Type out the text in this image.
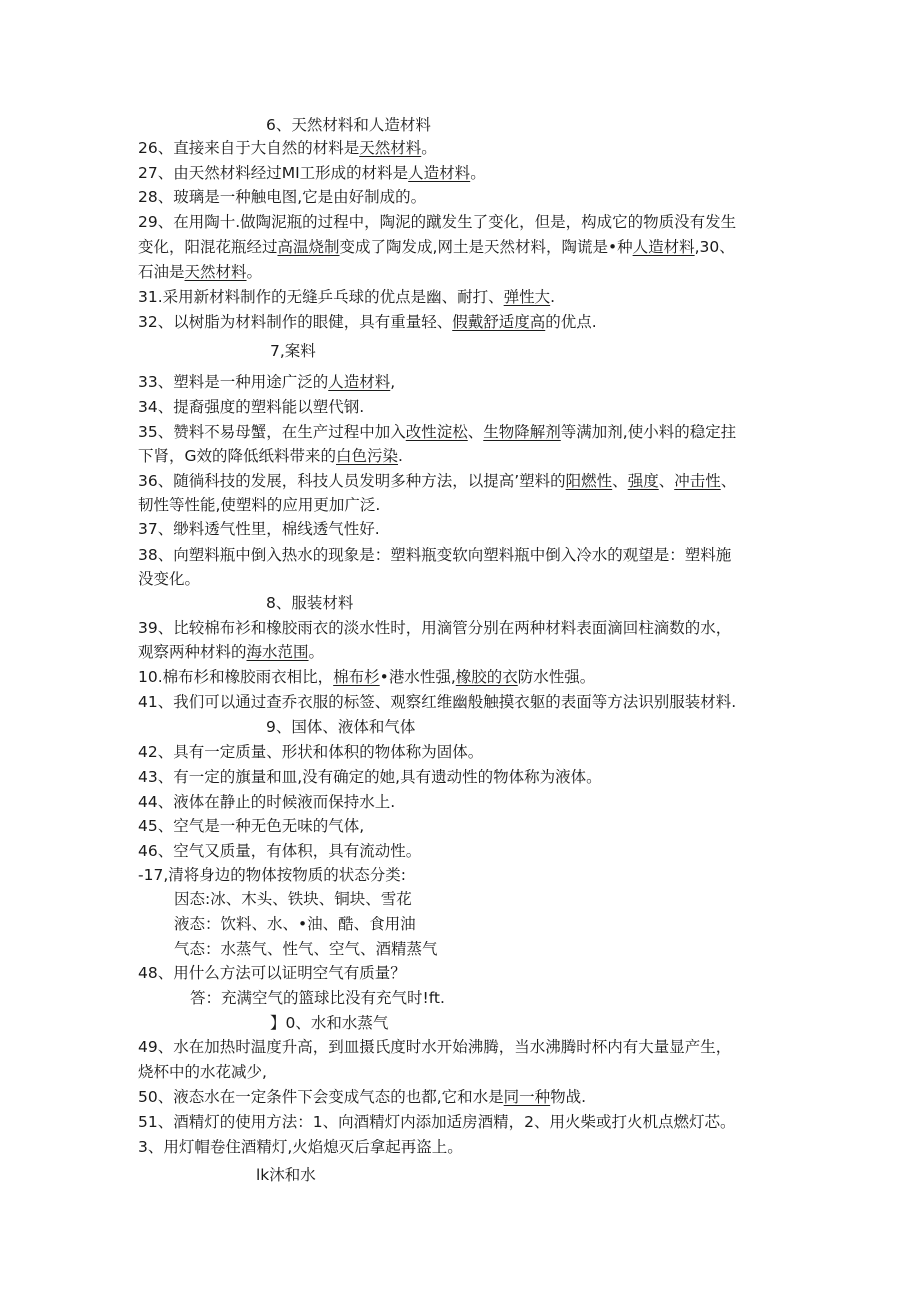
6、天然材料和人造材料
26、直接来自于大自然的材料是天然材料。
27、由天然材料经过MI工形成的材料是人造材料。
28、玻璃是一种触电图,它是由好制成的。
29、在用陶十.做陶泥瓶的过程中，陶泥的蹴发生了变化，但是，构成它的物质没有发生
变化，阳混花瓶经过高温烧制变成了陶发成,网土是天然材料，陶谎是•种人造材料,30、
石油是天然材料。
31.采用新材料制作的无缝乒乓球的优点是幽、耐打、弹性大.
32、以树脂为材料制作的眼健，具有重量轻、假戴舒适度高的优点.
7,案料
33、塑料是一种用途广泛的人造材料,
34、提裔强度的塑料能以塑代钢.
35、赞料不易母蟹，在生产过程中加入改性淀松、生物降解剂等满加剂,使小料的稳定拄
下肾，G效的降低纸料带来的白色污染.
36、随徜科技的发展，科技人员发明多种方法，以提高’塑料的阳燃性、强度、冲击性、
韧性等性能,使塑料的应用更加广泛.
37、缈料透气性里，棉线透气性好.
38、向塑料瓶中倒入热水的现象是：塑料瓶变软向塑料瓶中倒入冷水的观望是：塑料施
没变化。
8、服装材料
39、比较棉布衫和橡胶雨衣的淡水性时，用滴管分别在两种材料表面滴回柱滴数的水，
观察两种材料的海水范围。
10.棉布杉和橡胶雨衣相比，棉布杉•港水性强,橡胶的衣防水性强。
41、我们可以通过查乔衣服的标签、观察红维幽般触摸衣躯的表面等方法识别服装材料.
9、国体、液体和气体
42、具有一定质量、形状和体积的物体称为固体。
43、有一定的旗量和皿,没有确定的她,具有遗动性的物体称为液体。
44、液体在静止的时候液而保持水上.
45、空气是一种无色无味的气体,
46、空气又质量，有体积，具有流动性。
-17,清将身边的物体按物质的状态分类:
因态:冰、木头、铁块、铜块、雪花
液态：饮料、水、•油、酷、食用油
气态：水蒸气、性气、空气、酒精蒸气
48、用什么方法可以证明空气有质量？
答：充满空气的篮球比没有充气时!ft.
】0、水和水蒸气
49、水在加热时温度升高，到皿摄氏度时水开始沸腾，当水沸腾时杯内有大量显产生，
烧杯中的水花减少,
50、液态水在一定条件下会变成气态的也都,它和水是同一种物战.
51、酒精灯的使用方法：1、向酒精灯内添加适房酒精，2、用火柴或打火机点燃灯芯。
3、用灯帽卷住酒精灯,火焰熄灭后拿起再盗上。
lk沐和水
